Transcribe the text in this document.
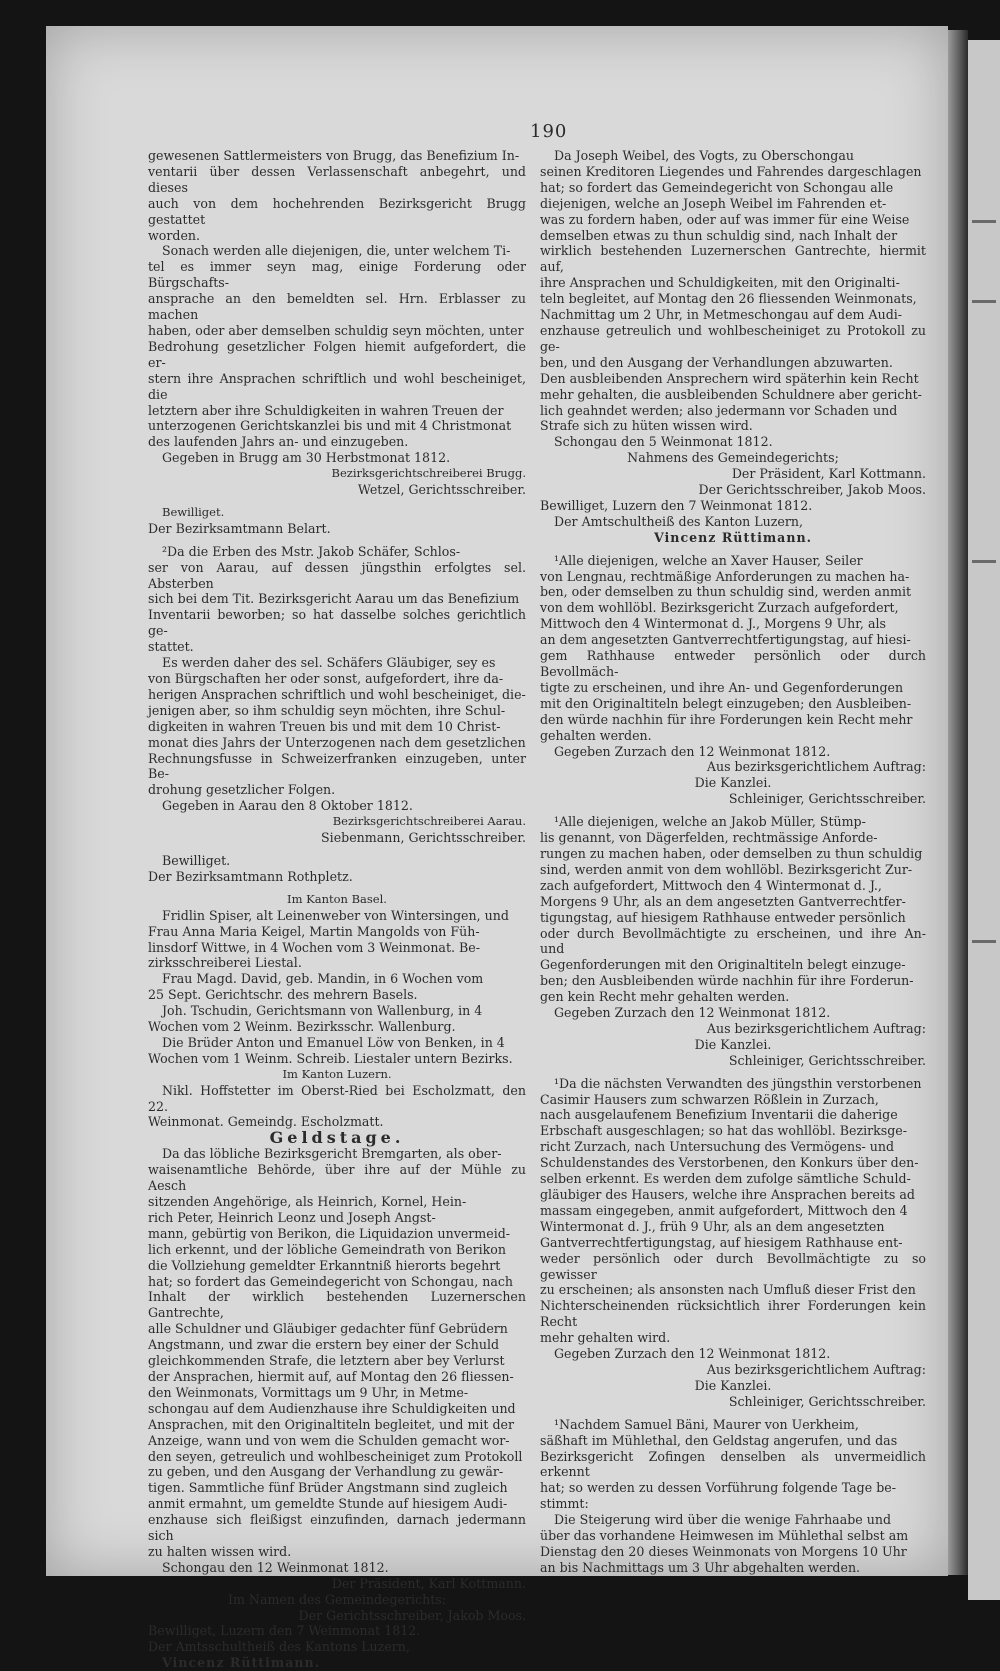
190

gewesenen Sattlermeisters von Brugg, das Benefizium In-

ventarii über dessen Verlassenschaft anbegehrt, und dieses

auch von dem hochehrenden Bezirksgericht Brugg gestattet

worden.

Sonach werden alle diejenigen, die, unter welchem Ti-

tel es immer seyn mag, einige Forderung oder Bürgschafts-

ansprache an den bemeldten sel. Hrn. Erblasser zu machen

haben, oder aber demselben schuldig seyn möchten, unter

Bedrohung gesetzlicher Folgen hiemit aufgefordert, die er-

stern ihre Ansprachen schriftlich und wohl bescheiniget, die

letztern aber ihre Schuldigkeiten in wahren Treuen der

unterzogenen Gerichtskanzlei bis und mit 4 Christmonat

des laufenden Jahrs an- und einzugeben.

Gegeben in Brugg am 30 Herbstmonat 1812.

Bezirksgerichtschreiberei Brugg.

Wetzel, Gerichtsschreiber.

Bewilliget.

Der Bezirksamtmann Belart.

²Da die Erben des Mstr. Jakob Schäfer, Schlos-

ser von Aarau, auf dessen jüngsthin erfolgtes sel. Absterben

sich bei dem Tit. Bezirksgericht Aarau um das Benefizium

Inventarii beworben; so hat dasselbe solches gerichtlich ge-

stattet.

Es werden daher des sel. Schäfers Gläubiger, sey es

von Bürgschaften her oder sonst, aufgefordert, ihre da-

herigen Ansprachen schriftlich und wohl bescheiniget, die-

jenigen aber, so ihm schuldig seyn möchten, ihre Schul-

digkeiten in wahren Treuen bis und mit dem 10 Christ-

monat dies Jahrs der Unterzogenen nach dem gesetzlichen

Rechnungsfusse in Schweizerfranken einzugeben, unter Be-

drohung gesetzlicher Folgen.

Gegeben in Aarau den 8 Oktober 1812.

Bezirksgerichtschreiberei Aarau.

Siebenmann, Gerichtsschreiber.

Bewilliget.

Der Bezirksamtmann Rothpletz.

Im Kanton Basel.

Fridlin Spiser, alt Leinenweber von Wintersingen, und

Frau Anna Maria Keigel, Martin Mangolds von Füh-

linsdorf Wittwe, in 4 Wochen vom 3 Weinmonat. Be-

zirksschreiberei Liestal.

Frau Magd. David, geb. Mandin, in 6 Wochen vom

25 Sept. Gerichtschr. des mehrern Basels.

Joh. Tschudin, Gerichtsmann von Wallenburg, in 4

Wochen vom 2 Weinm. Bezirksschr. Wallenburg.

Die Brüder Anton und Emanuel Löw von Benken, in 4

Wochen vom 1 Weinm. Schreib. Liestaler untern Bezirks.

Im Kanton Luzern.

Nikl. Hoffstetter im Oberst-Ried bei Escholzmatt, den 22.

Weinmonat. Gemeindg. Escholzmatt.

Geldstage.

Da das löbliche Bezirksgericht Bremgarten, als ober-

waisenamtliche Behörde, über ihre auf der Mühle zu Aesch

sitzenden Angehörige, als Heinrich, Kornel, Hein-

rich Peter, Heinrich Leonz und Joseph Angst-

mann, gebürtig von Berikon, die Liquidazion unvermeid-

lich erkennt, und der löbliche Gemeindrath von Berikon

die Vollziehung gemeldter Erkanntniß hierorts begehrt

hat; so fordert das Gemeindegericht von Schongau, nach

Inhalt der wirklich bestehenden Luzernerschen Gantrechte,

alle Schuldner und Gläubiger gedachter fünf Gebrüdern

Angstmann, und zwar die erstern bey einer der Schuld

gleichkommenden Strafe, die letztern aber bey Verlurst

der Ansprachen, hiermit auf, auf Montag den 26 fliessen-

den Weinmonats, Vormittags um 9 Uhr, in Metme-

schongau auf dem Audienzhause ihre Schuldigkeiten und

Ansprachen, mit den Originaltiteln begleitet, und mit der

Anzeige, wann und von wem die Schulden gemacht wor-

den seyen, getreulich und wohlbescheiniget zum Protokoll

zu geben, und den Ausgang der Verhandlung zu gewär-

tigen. Sammtliche fünf Brüder Angstmann sind zugleich

anmit ermahnt, um gemeldte Stunde auf hiesigem Audi-

enzhause sich fleißigst einzufinden, darnach jedermann sich

zu halten wissen wird.

Schongau den 12 Weinmonat 1812.

Der Präsident, Karl Kottmann.

Im Namen des Gemeindegerichts:

Der Gerichtsschreiber, Jakob Moos.

Bewilliget, Luzern den 7 Weinmonat 1812.

Der Amtsschultheiß des Kantons Luzern,

Vincenz Rüttimann.

Da Joseph Weibel, des Vogts, zu Oberschongau

seinen Kreditoren Liegendes und Fahrendes dargeschlagen

hat; so fordert das Gemeindegericht von Schongau alle

diejenigen, welche an Joseph Weibel im Fahrenden et-

was zu fordern haben, oder auf was immer für eine Weise

demselben etwas zu thun schuldig sind, nach Inhalt der

wirklich bestehenden Luzernerschen Gantrechte, hiermit auf,

ihre Ansprachen und Schuldigkeiten, mit den Originalti-

teln begleitet, auf Montag den 26 fliessenden Weinmonats,

Nachmittag um 2 Uhr, in Metmeschongau auf dem Audi-

enzhause getreulich und wohlbescheiniget zu Protokoll zu ge-

ben, und den Ausgang der Verhandlungen abzuwarten.

Den ausbleibenden Ansprechern wird späterhin kein Recht

mehr gehalten, die ausbleibenden Schuldnere aber gericht-

lich geahndet werden; also jedermann vor Schaden und

Strafe sich zu hüten wissen wird.

Schongau den 5 Weinmonat 1812.

Nahmens des Gemeindegerichts;

Der Präsident, Karl Kottmann.

Der Gerichtsschreiber, Jakob Moos.

Bewilliget, Luzern den 7 Weinmonat 1812.

Der Amtschultheiß des Kanton Luzern,

Vincenz Rüttimann.

¹Alle diejenigen, welche an Xaver Hauser, Seiler

von Lengnau, rechtmäßige Anforderungen zu machen ha-

ben, oder demselben zu thun schuldig sind, werden anmit

von dem wohllöbl. Bezirksgericht Zurzach aufgefordert,

Mittwoch den 4 Wintermonat d. J., Morgens 9 Uhr, als

an dem angesetzten Gantverrechtfertigungstag, auf hiesi-

gem Rathhause entweder persönlich oder durch Bevollmäch-

tigte zu erscheinen, und ihre An- und Gegenforderungen

mit den Originaltiteln belegt einzugeben; den Ausbleiben-

den würde nachhin für ihre Forderungen kein Recht mehr

gehalten werden.

Gegeben Zurzach den 12 Weinmonat 1812.

Aus bezirksgerichtlichem Auftrag:

Die Kanzlei.

Schleiniger, Gerichtsschreiber.

¹Alle diejenigen, welche an Jakob Müller, Stümp-

lis genannt, von Dägerfelden, rechtmässige Anforde-

rungen zu machen haben, oder demselben zu thun schuldig

sind, werden anmit von dem wohllöbl. Bezirksgericht Zur-

zach aufgefordert, Mittwoch den 4 Wintermonat d. J.,

Morgens 9 Uhr, als an dem angesetzten Gantverrechtfer-

tigungstag, auf hiesigem Rathhause entweder persönlich

oder durch Bevollmächtigte zu erscheinen, und ihre An- und

Gegenforderungen mit den Originaltiteln belegt einzuge-

ben; den Ausbleibenden würde nachhin für ihre Forderun-

gen kein Recht mehr gehalten werden.

Gegeben Zurzach den 12 Weinmonat 1812.

Aus bezirksgerichtlichem Auftrag:

Die Kanzlei.

Schleiniger, Gerichtsschreiber.

¹Da die nächsten Verwandten des jüngsthin verstorbenen

Casimir Hausers zum schwarzen Rößlein in Zurzach,

nach ausgelaufenem Benefizium Inventarii die daherige

Erbschaft ausgeschlagen; so hat das wohllöbl. Bezirksge-

richt Zurzach, nach Untersuchung des Vermögens- und

Schuldenstandes des Verstorbenen, den Konkurs über den-

selben erkennt. Es werden dem zufolge sämtliche Schuld-

gläubiger des Hausers, welche ihre Ansprachen bereits ad

massam eingegeben, anmit aufgefordert, Mittwoch den 4

Wintermonat d. J., früh 9 Uhr, als an dem angesetzten

Gantverrechtfertigungstag, auf hiesigem Rathhause ent-

weder persönlich oder durch Bevollmächtigte zu so gewisser

zu erscheinen; als ansonsten nach Umfluß dieser Frist den

Nichterscheinenden rücksichtlich ihrer Forderungen kein Recht

mehr gehalten wird.

Gegeben Zurzach den 12 Weinmonat 1812.

Aus bezirksgerichtlichem Auftrag:

Die Kanzlei.

Schleiniger, Gerichtsschreiber.

¹Nachdem Samuel Bäni, Maurer von Uerkheim,

säßhaft im Mühlethal, den Geldstag angerufen, und das

Bezirksgericht Zofingen denselben als unvermeidlich erkennt

hat; so werden zu dessen Vorführung folgende Tage be-

stimmt:

Die Steigerung wird über die wenige Fahrhaabe und

über das vorhandene Heimwesen im Mühlethal selbst am

Dienstag den 20 dieses Weinmonats von Morgens 10 Uhr

an bis Nachmittags um 3 Uhr abgehalten werden.
